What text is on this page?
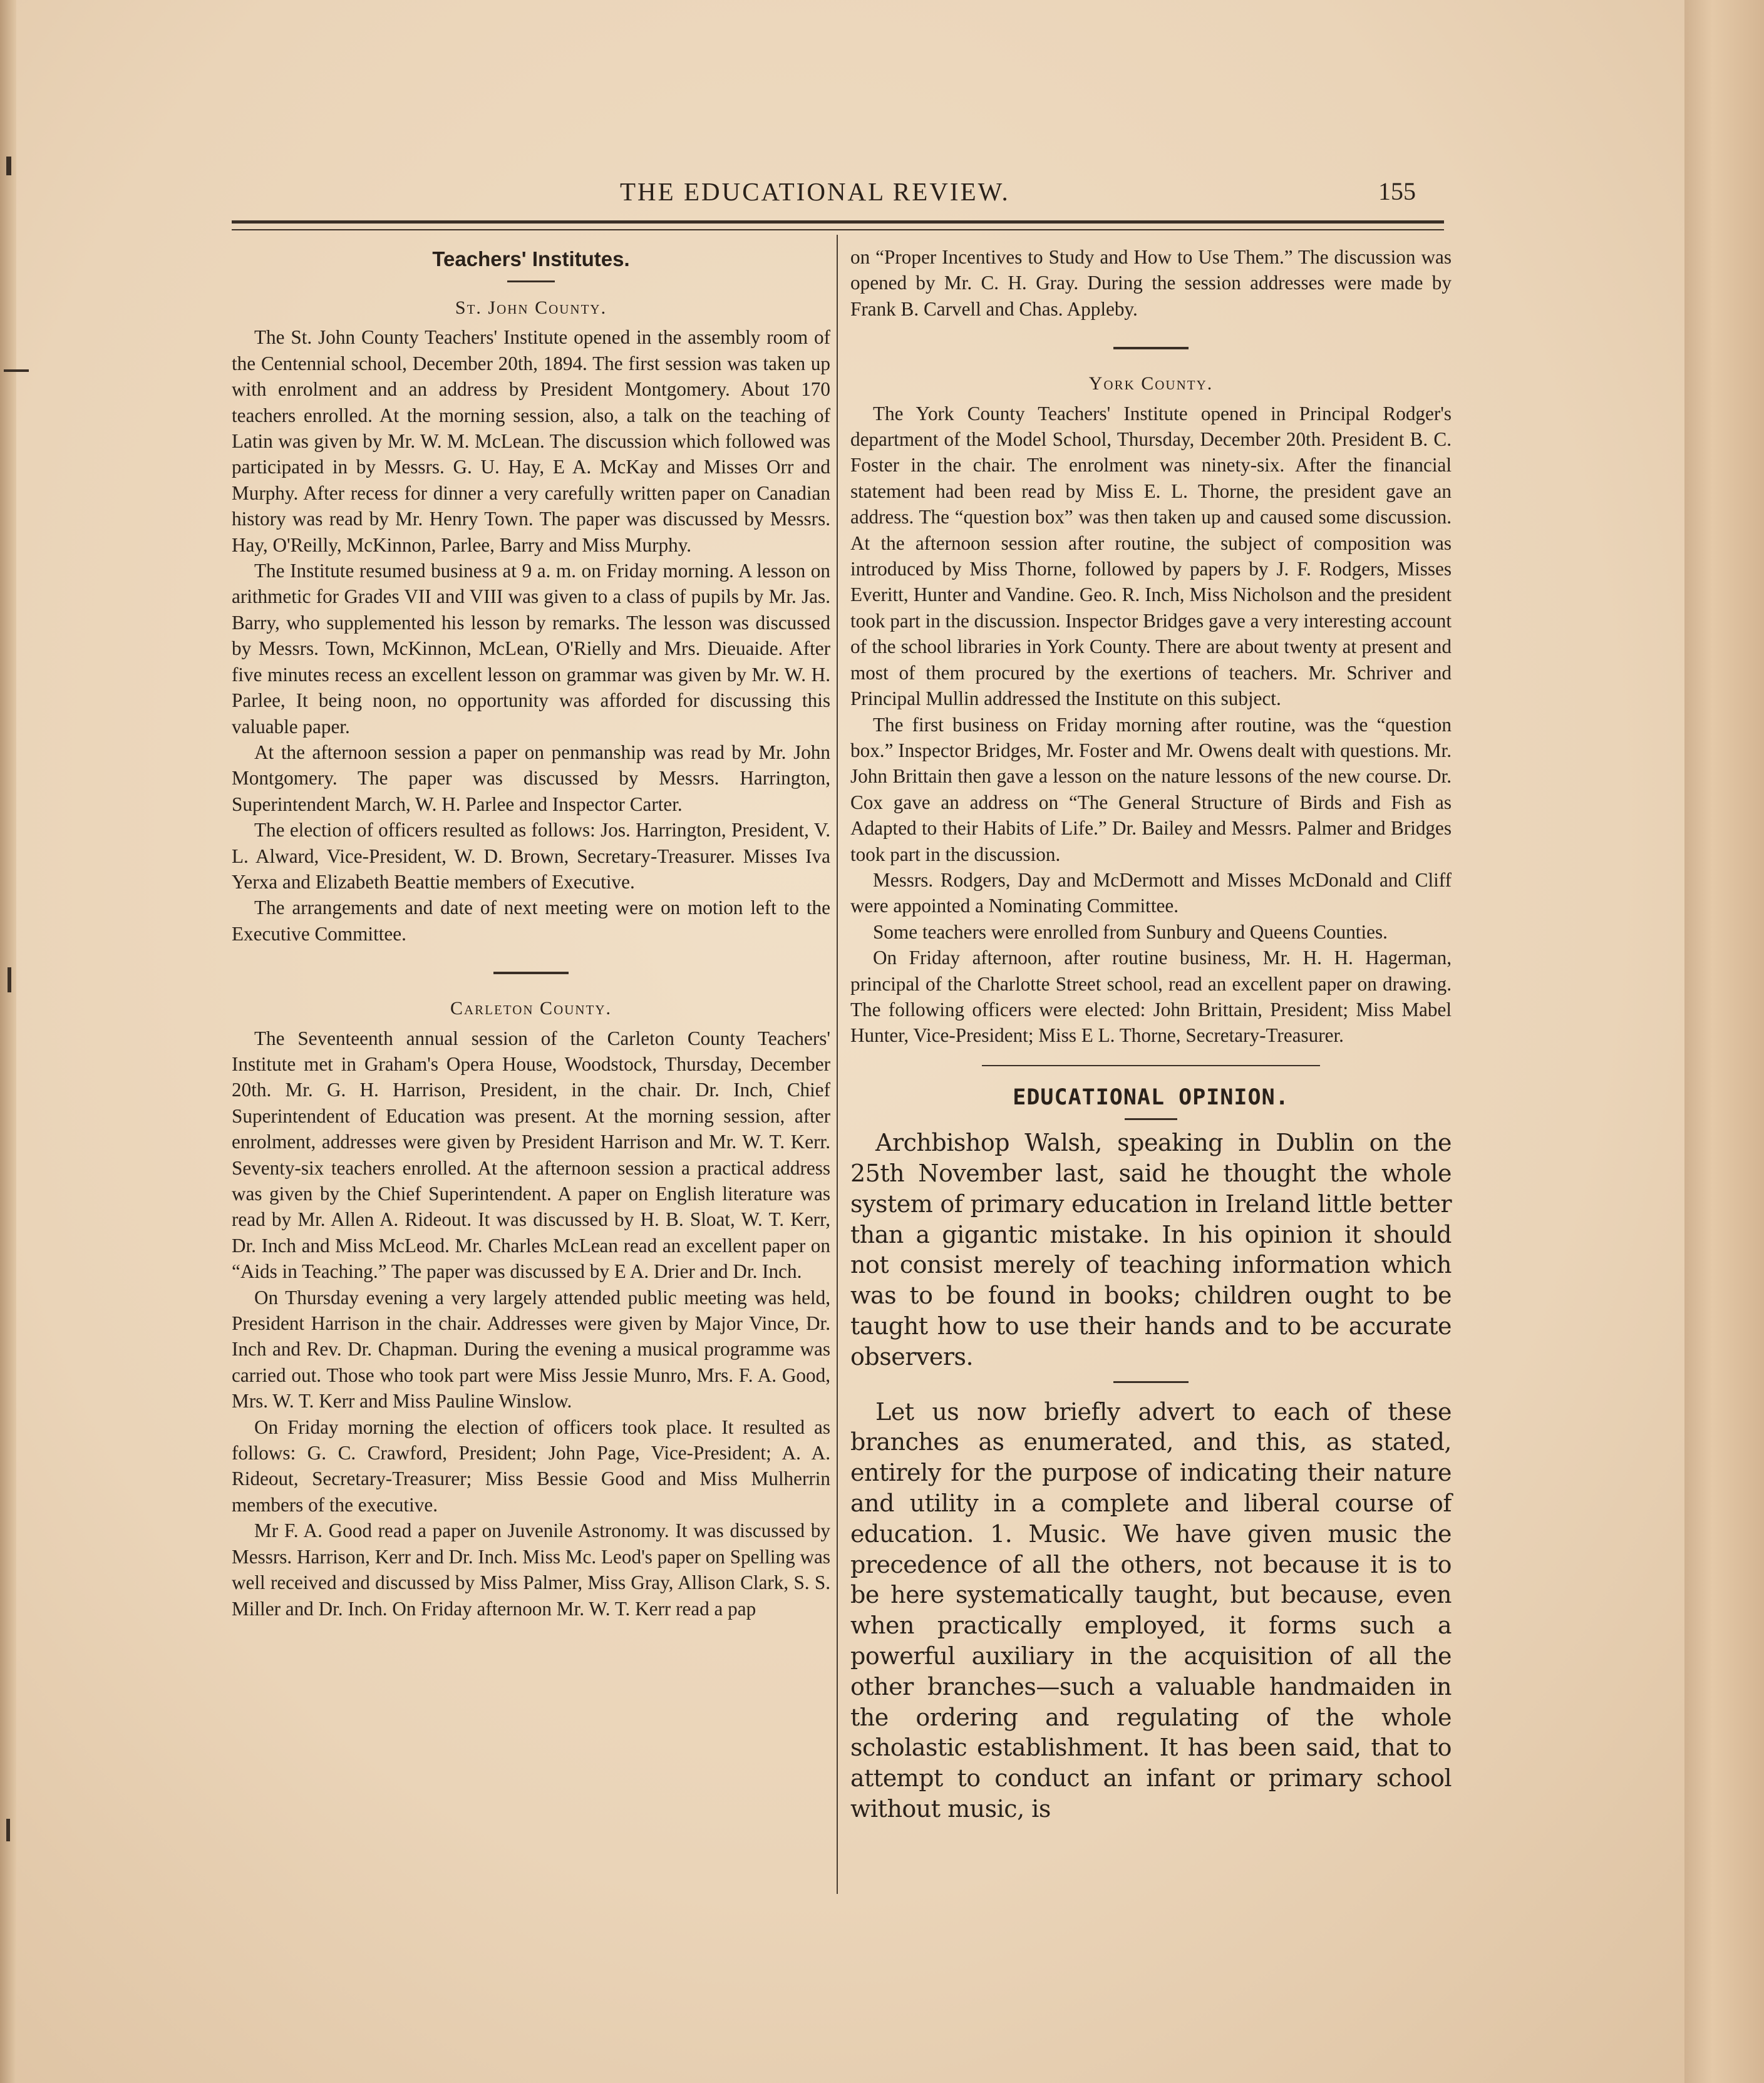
THE EDUCATIONAL REVIEW.	155
Teachers' Institutes.
St. John County.

The St. John County Teachers' Institute opened in the assembly room of the Centennial school, December 20th, 1894. The first session was taken up with enrolment and an address by President Montgomery. About 170 teachers enrolled. At the morning session, also, a talk on the teaching of Latin was given by Mr. W. M. McLean. The discussion which followed was participated in by Messrs. G. U. Hay, E A. McKay and Misses Orr and Murphy. After recess for dinner a very carefully written paper on Canadian history was read by Mr. Henry Town. The paper was discussed by Messrs. Hay, O'Reilly, McKinnon, Parlee, Barry and Miss Murphy.

The Institute resumed business at 9 a. m. on Friday morning. A lesson on arithmetic for Grades VII and VIII was given to a class of pupils by Mr. Jas. Barry, who supplemented his lesson by remarks. The lesson was discussed by Messrs. Town, McKinnon, McLean, O'Rielly and Mrs. Dieuaide. After five minutes recess an excellent lesson on grammar was given by Mr. W. H. Parlee, It being noon, no opportunity was afforded for discussing this valuable paper.

At the afternoon session a paper on penmanship was read by Mr. John Montgomery. The paper was discussed by Messrs. Harrington, Superintendent March, W. H. Parlee and Inspector Carter.

The election of officers resulted as follows: Jos. Harrington, President, V. L. Alward, Vice-President, W. D. Brown, Secretary-Treasurer. Misses Iva Yerxa and Elizabeth Beattie members of Executive.

The arrangements and date of next meeting were on motion left to the Executive Committee.

Carleton County.

The Seventeenth annual session of the Carleton County Teachers' Institute met in Graham's Opera House, Woodstock, Thursday, December 20th. Mr. G. H. Harrison, President, in the chair. Dr. Inch, Chief Superintendent of Education was present. At the morning session, after enrolment, addresses were given by President Harrison and Mr. W. T. Kerr. Seventy-six teachers enrolled. At the afternoon session a practical address was given by the Chief Superintendent. A paper on English literature was read by Mr. Allen A. Rideout. It was discussed by H. B. Sloat, W. T. Kerr, Dr. Inch and Miss McLeod. Mr. Charles McLean read an excellent paper on “Aids in Teaching.” The paper was discussed by E A. Drier and Dr. Inch.

On Thursday evening a very largely attended public meeting was held, President Harrison in the chair. Addresses were given by Major Vince, Dr. Inch and Rev. Dr. Chapman. During the evening a musical programme was carried out. Those who took part were Miss Jessie Munro, Mrs. F. A. Good, Mrs. W. T. Kerr and Miss Pauline Winslow.

On Friday morning the election of officers took place. It resulted as follows: G. C. Crawford, President; John Page, Vice-President; A. A. Rideout, Secretary-Treasurer; Miss Bessie Good and Miss Mulherrin members of the executive.

Mr F. A. Good read a paper on Juvenile Astronomy. It was discussed by Messrs. Harrison, Kerr and Dr. Inch. Miss Mc. Leod's paper on Spelling was well received and discussed by Miss Palmer, Miss Gray, Allison Clark, S. S. Miller and Dr. Inch. On Friday afternoon Mr. W. T. Kerr read a pap

on “Proper Incentives to Study and How to Use Them.” The discussion was opened by Mr. C. H. Gray. During the session addresses were made by Frank B. Carvell and Chas. Appleby.

York County.

The York County Teachers' Institute opened in Principal Rodger's department of the Model School, Thursday, December 20th. President B. C. Foster in the chair. The enrolment was ninety-six. After the financial statement had been read by Miss E. L. Thorne, the president gave an address. The “question box” was then taken up and caused some discussion. At the afternoon session after routine, the subject of composition was introduced by Miss Thorne, followed by papers by J. F. Rodgers, Misses Everitt, Hunter and Vandine. Geo. R. Inch, Miss Nicholson and the president took part in the discussion. Inspector Bridges gave a very interesting account of the school libraries in York County. There are about twenty at present and most of them procured by the exertions of teachers. Mr. Schriver and Principal Mullin addressed the Institute on this subject.

The first business on Friday morning after routine, was the “question box.” Inspector Bridges, Mr. Foster and Mr. Owens dealt with questions. Mr. John Brittain then gave a lesson on the nature lessons of the new course. Dr. Cox gave an address on “The General Structure of Birds and Fish as Adapted to their Habits of Life.” Dr. Bailey and Messrs. Palmer and Bridges took part in the discussion.

Messrs. Rodgers, Day and McDermott and Misses McDonald and Cliff were appointed a Nominating Committee.

Some teachers were enrolled from Sunbury and Queens Counties.

On Friday afternoon, after routine business, Mr. H. H. Hagerman, principal of the Charlotte Street school, read an excellent paper on drawing. The following officers were elected: John Brittain, President; Miss Mabel Hunter, Vice-President; Miss E L. Thorne, Secretary-Treasurer.

EDUCATIONAL OPINION.

Archbishop Walsh, speaking in Dublin on the 25th November last, said he thought the whole system of primary education in Ireland little better than a gigantic mistake. In his opinion it should not consist merely of teaching information which was to be found in books; children ought to be taught how to use their hands and to be accurate observers.

Let us now briefly advert to each of these branches as enumerated, and this, as stated, entirely for the purpose of indicating their nature and utility in a complete and liberal course of education. 1. Music. We have given music the precedence of all the others, not because it is to be here systematically taught, but because, even when practically employed, it forms such a powerful auxiliary in the acquisition of all the other branches—such a valuable handmaiden in the ordering and regulating of the whole scholastic establishment. It has been said, that to attempt to conduct an infant or primary school without music, is
